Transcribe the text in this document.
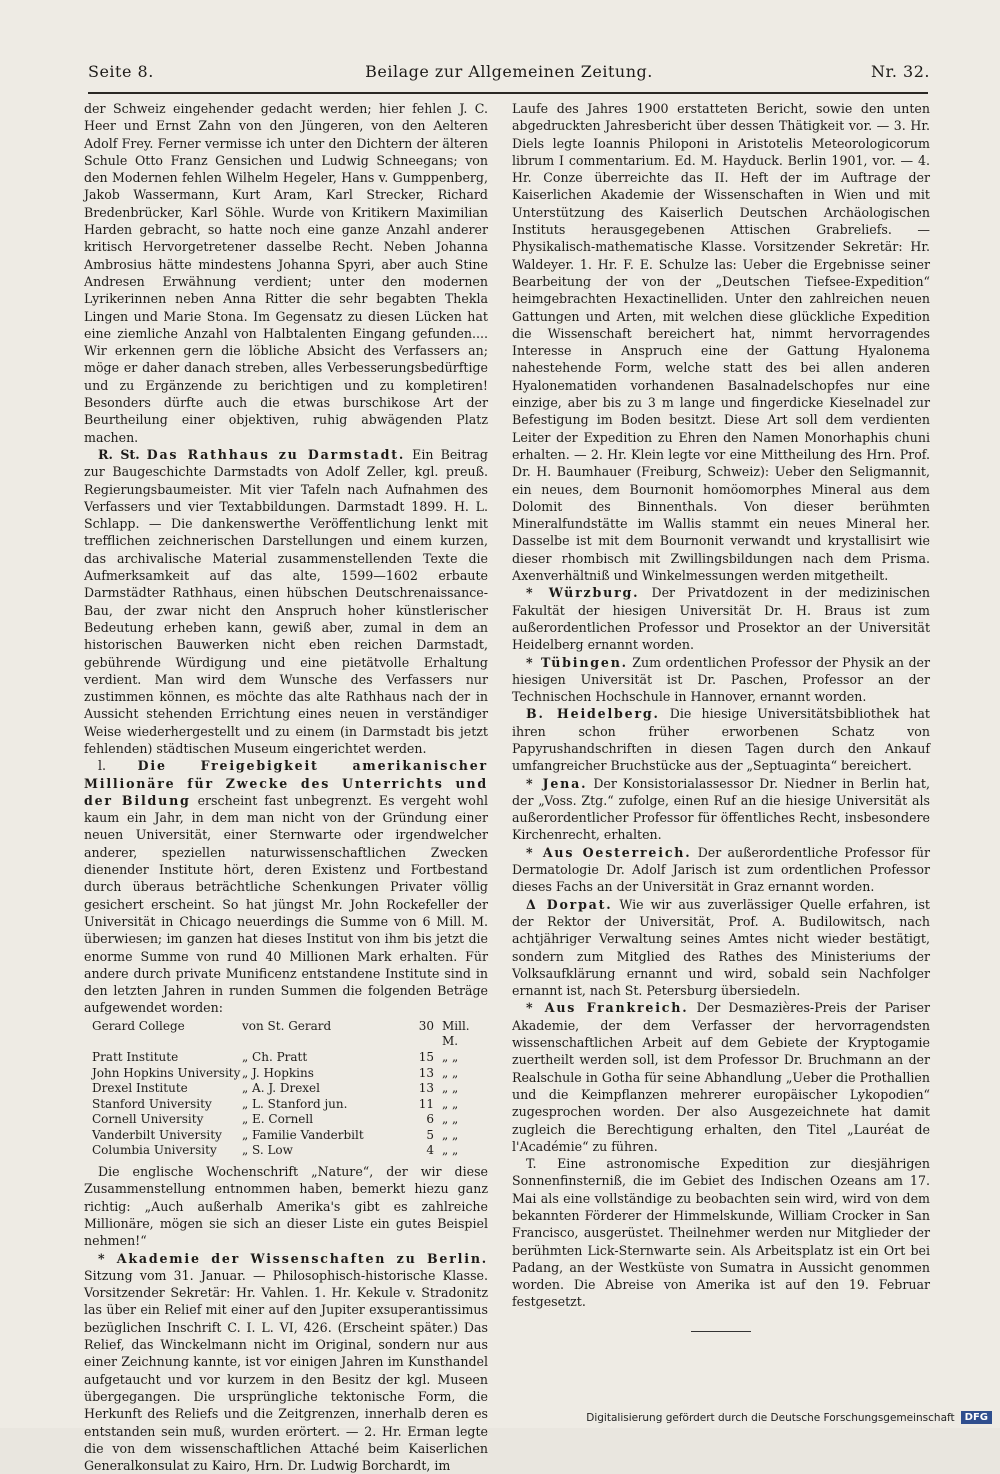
Seite 8.	Beilage zur Allgemeinen Zeitung.	Nr. 32.

der Schweiz eingehender gedacht werden; hier fehlen J. C. Heer und Ernst Zahn von den Jüngeren, von den Aelteren Adolf Frey. Ferner vermisse ich unter den Dichtern der älteren Schule Otto Franz Gensichen und Ludwig Schneegans; von den Modernen fehlen Wilhelm Hegeler, Hans v. Gumppenberg, Jakob Wassermann, Kurt Aram, Karl Strecker, Richard Bredenbrücker, Karl Söhle. Wurde von Kritikern Maximilian Harden gebracht, so hatte noch eine ganze Anzahl anderer kritisch Hervorgetretener dasselbe Recht. Neben Johanna Ambrosius hätte mindestens Johanna Spyri, aber auch Stine Andresen Erwähnung verdient; unter den modernen Lyrikerinnen neben Anna Ritter die sehr begabten Thekla Lingen und Marie Stona. Im Gegensatz zu diesen Lücken hat eine ziemliche Anzahl von Halbtalenten Eingang gefunden.... Wir erkennen gern die löbliche Absicht des Verfassers an; möge er daher danach streben, alles Verbesserungsbedürftige und zu Ergänzende zu berichtigen und zu kompletiren! Besonders dürfte auch die etwas burschikose Art der Beurtheilung einer objektiven, ruhig abwägenden Platz machen.

R. St. Das Rathhaus zu Darmstadt. Ein Beitrag zur Baugeschichte Darmstadts von Adolf Zeller, kgl. preuß. Regierungsbaumeister. Mit vier Tafeln nach Aufnahmen des Verfassers und vier Textabbildungen. Darmstadt 1899. H. L. Schlapp. — Die dankenswerthe Veröffentlichung lenkt mit trefflichen zeichnerischen Darstellungen und einem kurzen, das archivalische Material zusammenstellenden Texte die Aufmerksamkeit auf das alte, 1599—1602 erbaute Darmstädter Rathhaus, einen hübschen Deutschrenaissance-Bau, der zwar nicht den Anspruch hoher künstlerischer Bedeutung erheben kann, gewiß aber, zumal in dem an historischen Bauwerken nicht eben reichen Darmstadt, gebührende Würdigung und eine pietätvolle Erhaltung verdient. Man wird dem Wunsche des Verfassers nur zustimmen können, es möchte das alte Rathhaus nach der in Aussicht stehenden Errichtung eines neuen in verständiger Weise wiederhergestellt und zu einem (in Darmstadt bis jetzt fehlenden) städtischen Museum eingerichtet werden.

l.	Die Freigebigkeit amerikanischer Millionäre für Zwecke des Unterrichts und der Bildung erscheint fast unbegrenzt. Es vergeht wohl kaum ein Jahr, in dem man nicht von der Gründung einer neuen Universität, einer Sternwarte oder irgendwelcher anderer, speziellen naturwissenschaftlichen Zwecken dienender Institute hört, deren Existenz und Fortbestand durch überaus beträchtliche Schenkungen Privater völlig gesichert erscheint. So hat jüngst Mr. John Rockefeller der Universität in Chicago neuerdings die Summe von 6 Mill. M. überwiesen; im ganzen hat dieses Institut von ihm bis jetzt die enorme Summe von rund 40 Millionen Mark erhalten. Für andere durch private Munificenz entstandene Institute sind in den letzten Jahren in runden Summen die folgenden Beträge aufgewendet worden:

Gerard College	von St. Gerard	30 Mill. M.
Pratt Institute	„ Ch. Pratt	15 „ „
John Hopkins University „ J. Hopkins	13 „ „
Drexel Institute	„ A. J. Drexel	13 „ „
Stanford University	„ L. Stanford jun.	11 „ „
Cornell University	„ E. Cornell	6 „ „
Vanderbilt University	„ Familie Vanderbilt	5 „ „
Columbia University	„ S. Low	4 „ „

Die englische Wochenschrift „Nature“, der wir diese Zusammenstellung entnommen haben, bemerkt hiezu ganz richtig: „Auch außerhalb Amerika's gibt es zahlreiche Millionäre, mögen sie sich an dieser Liste ein gutes Beispiel nehmen!“

* Akademie der Wissenschaften zu Berlin. Sitzung vom 31. Januar. — Philosophisch-historische Klasse. Vorsitzender Sekretär: Hr. Vahlen. 1. Hr. Kekule v. Stradonitz las über ein Relief mit einer auf den Jupiter exsuperantissimus bezüglichen Inschrift C. I. L. VI, 426. (Erscheint später.) Das Relief, das Winckelmann nicht im Original, sondern nur aus einer Zeichnung kannte, ist vor einigen Jahren im Kunsthandel aufgetaucht und vor kurzem in den Besitz der kgl. Museen übergegangen. Die ursprüngliche tektonische Form, die Herkunft des Reliefs und die Zeitgrenzen, innerhalb deren es entstanden sein muß, wurden erörtert. — 2. Hr. Erman legte die von dem wissenschaftlichen Attaché beim Kaiserlichen Generalkonsulat zu Kairo, Hrn. Dr. Ludwig Borchardt, im

Laufe des Jahres 1900 erstatteten Bericht, sowie den unten abgedruckten Jahresbericht über dessen Thätigkeit vor. — 3. Hr. Diels legte Ioannis Philoponi in Aristotelis Meteorologicorum librum I commentarium. Ed. M. Hayduck. Berlin 1901, vor. — 4. Hr. Conze überreichte das II. Heft der im Auftrage der Kaiserlichen Akademie der Wissenschaften in Wien und mit Unterstützung des Kaiserlich Deutschen Archäologischen Instituts herausgegebenen Attischen Grabreliefs. — Physikalisch-mathematische Klasse. Vorsitzender Sekretär: Hr. Waldeyer. 1. Hr. F. E. Schulze las: Ueber die Ergebnisse seiner Bearbeitung der von der „Deutschen Tiefsee-Expedition“ heimgebrachten Hexactinelliden. Unter den zahlreichen neuen Gattungen und Arten, mit welchen diese glückliche Expedition die Wissenschaft bereichert hat, nimmt hervorragendes Interesse in Anspruch eine der Gattung Hyalonema nahestehende Form, welche statt des bei allen anderen Hyalonematiden vorhandenen Basalnadelschopfes nur eine einzige, aber bis zu 3 m lange und fingerdicke Kieselnadel zur Befestigung im Boden besitzt. Diese Art soll dem verdienten Leiter der Expedition zu Ehren den Namen Monorhaphis chuni erhalten. — 2. Hr. Klein legte vor eine Mittheilung des Hrn. Prof. Dr. H. Baumhauer (Freiburg, Schweiz): Ueber den Seligmannit, ein neues, dem Bournonit homöomorphes Mineral aus dem Dolomit des Binnenthals. Von dieser berühmten Mineralfundstätte im Wallis stammt ein neues Mineral her. Dasselbe ist mit dem Bournonit verwandt und krystallisirt wie dieser rhombisch mit Zwillingsbildungen nach dem Prisma. Axenverhältniß und Winkelmessungen werden mitgetheilt.

* Würzburg. Der Privatdozent in der medizinischen Fakultät der hiesigen Universität Dr. H. Braus ist zum außerordentlichen Professor und Prosektor an der Universität Heidelberg ernannt worden.

* Tübingen. Zum ordentlichen Professor der Physik an der hiesigen Universität ist Dr. Paschen, Professor an der Technischen Hochschule in Hannover, ernannt worden.

B. Heidelberg. Die hiesige Universitätsbibliothek hat ihren schon früher erworbenen Schatz von Papyrushandschriften in diesen Tagen durch den Ankauf umfangreicher Bruchstücke aus der „Septuaginta“ bereichert.

* Jena. Der Konsistorialassessor Dr. Niedner in Berlin hat, der „Voss. Ztg.“ zufolge, einen Ruf an die hiesige Universität als außerordentlicher Professor für öffentliches Recht, insbesondere Kirchenrecht, erhalten.

* Aus Oesterreich. Der außerordentliche Professor für Dermatologie Dr. Adolf Jarisch ist zum ordentlichen Professor dieses Fachs an der Universität in Graz ernannt worden.

Δ Dorpat. Wie wir aus zuverlässiger Quelle erfahren, ist der Rektor der Universität, Prof. A. Budilowitsch, nach achtjähriger Verwaltung seines Amtes nicht wieder bestätigt, sondern zum Mitglied des Rathes des Ministeriums der Volksaufklärung ernannt und wird, sobald sein Nachfolger ernannt ist, nach St. Petersburg übersiedeln.

* Aus Frankreich. Der Desmazières-Preis der Pariser Akademie, der dem Verfasser der hervorragendsten wissenschaftlichen Arbeit auf dem Gebiete der Kryptogamie zuertheilt werden soll, ist dem Professor Dr. Bruchmann an der Realschule in Gotha für seine Abhandlung „Ueber die Prothallien und die Keimpflanzen mehrerer europäischer Lykopodien“ zugesprochen worden. Der also Ausgezeichnete hat damit zugleich die Berechtigung erhalten, den Titel „Lauréat de l'Académie“ zu führen.

T. Eine astronomische Expedition zur diesjährigen Sonnenfinsterniß, die im Gebiet des Indischen Ozeans am 17. Mai als eine vollständige zu beobachten sein wird, wird von dem bekannten Förderer der Himmelskunde, William Crocker in San Francisco, ausgerüstet. Theilnehmer werden nur Mitglieder der berühmten Lick-Sternwarte sein. Als Arbeitsplatz ist ein Ort bei Padang, an der Westküste von Sumatra in Aussicht genommen worden. Die Abreise von Amerika ist auf den 19. Februar festgesetzt.

Digitalisierung gefördert durch die Deutsche Forschungsgemeinschaft	DFG
